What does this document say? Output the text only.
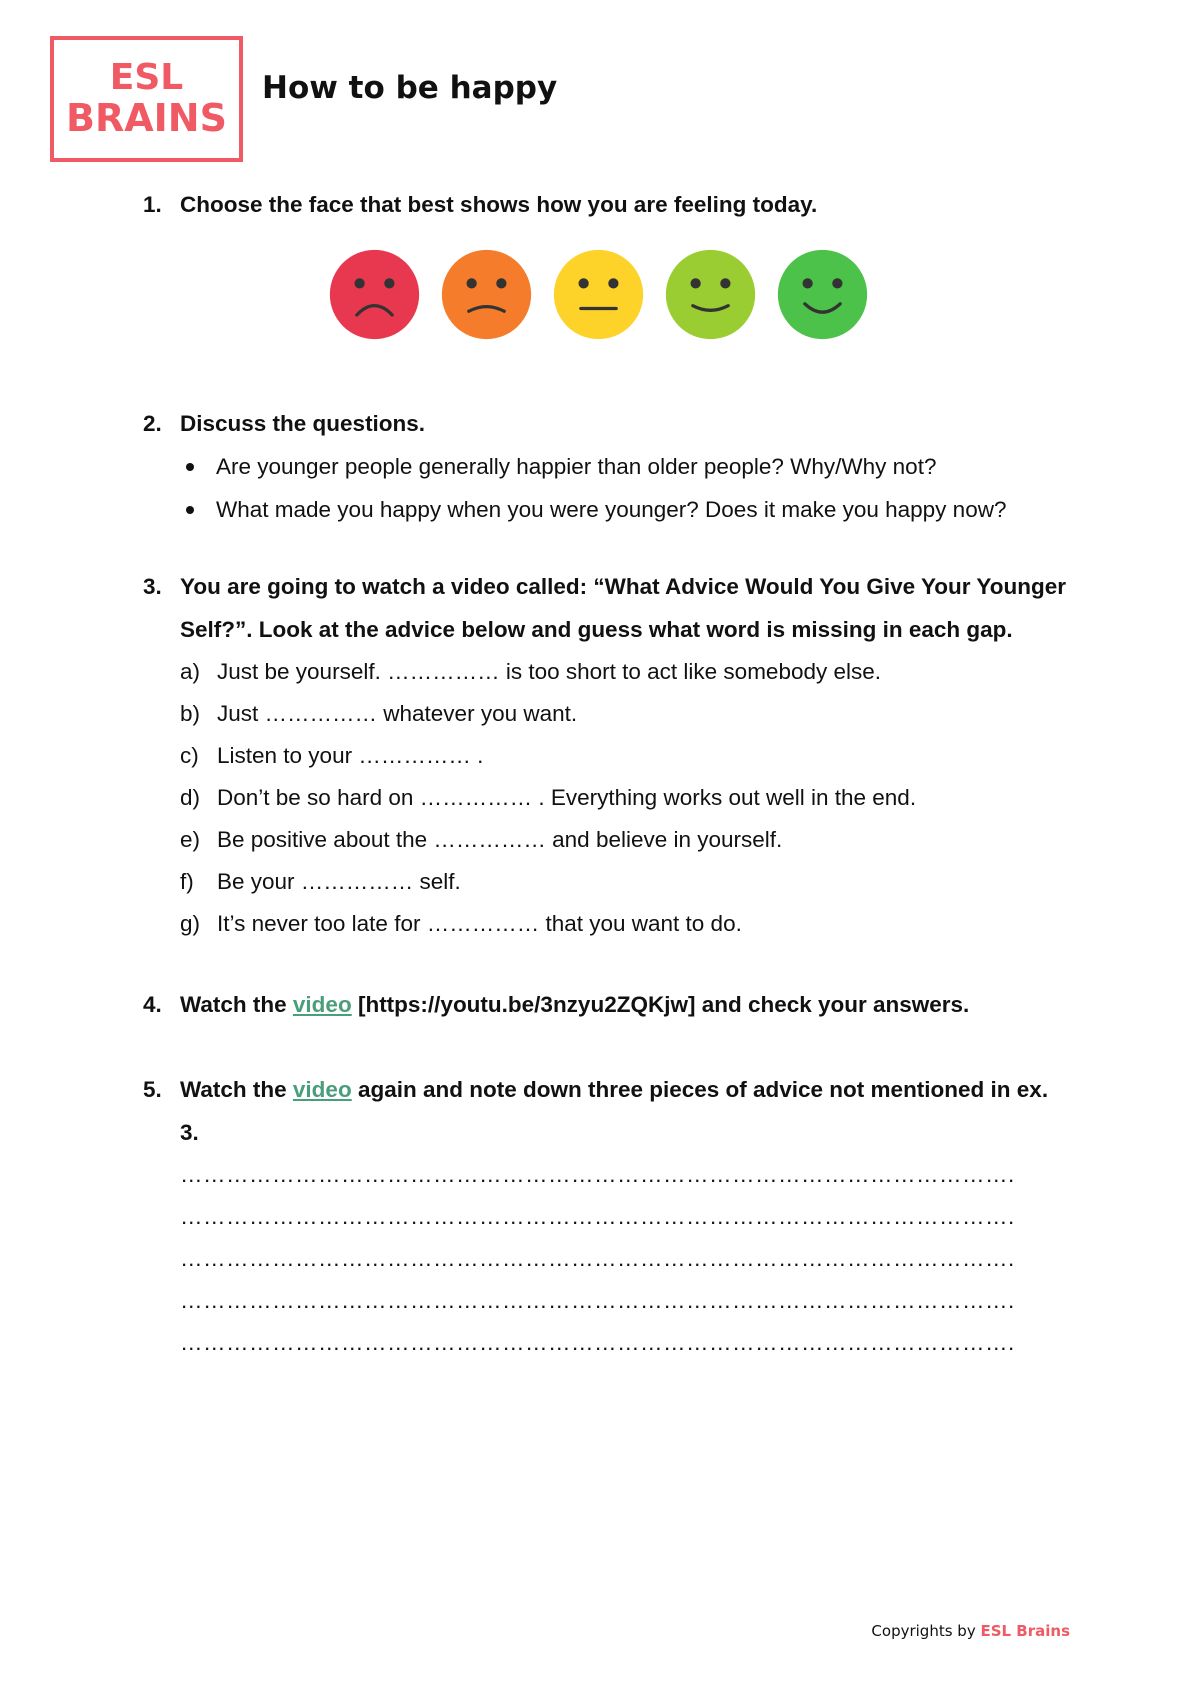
ESL
BRAINS
How to be happy
1. Choose the face that best shows how you are feeling today.
2. Discuss the questions.
Are younger people generally happier than older people? Why/Why not?
What made you happy when you were younger? Does it make you happy now?
3. You are going to watch a video called: “What Advice Would You Give Your Younger Self?”. Look at the advice below and guess what word is missing in each gap.
a) Just be yourself. …………… is too short to act like somebody else.
b) Just …………… whatever you want.
c) Listen to your …………… .
d) Don’t be so hard on …………… . Everything works out well in the end.
e) Be positive about the …………… and believe in yourself.
f)	Be your …………… self.
g) It’s never too late for …………… that you want to do.
4. Watch the video [https://youtu.be/3nzyu2ZQKjw] and check your answers.
5. Watch the video again and note down three pieces of advice not mentioned in ex. 3.
……………………………………………………………………………………………….
……………………………………………………………………………………………….
……………………………………………………………………………………………….
……………………………………………………………………………………………….
……………………………………………………………………………………………….
Copyrights by ESL Brains
